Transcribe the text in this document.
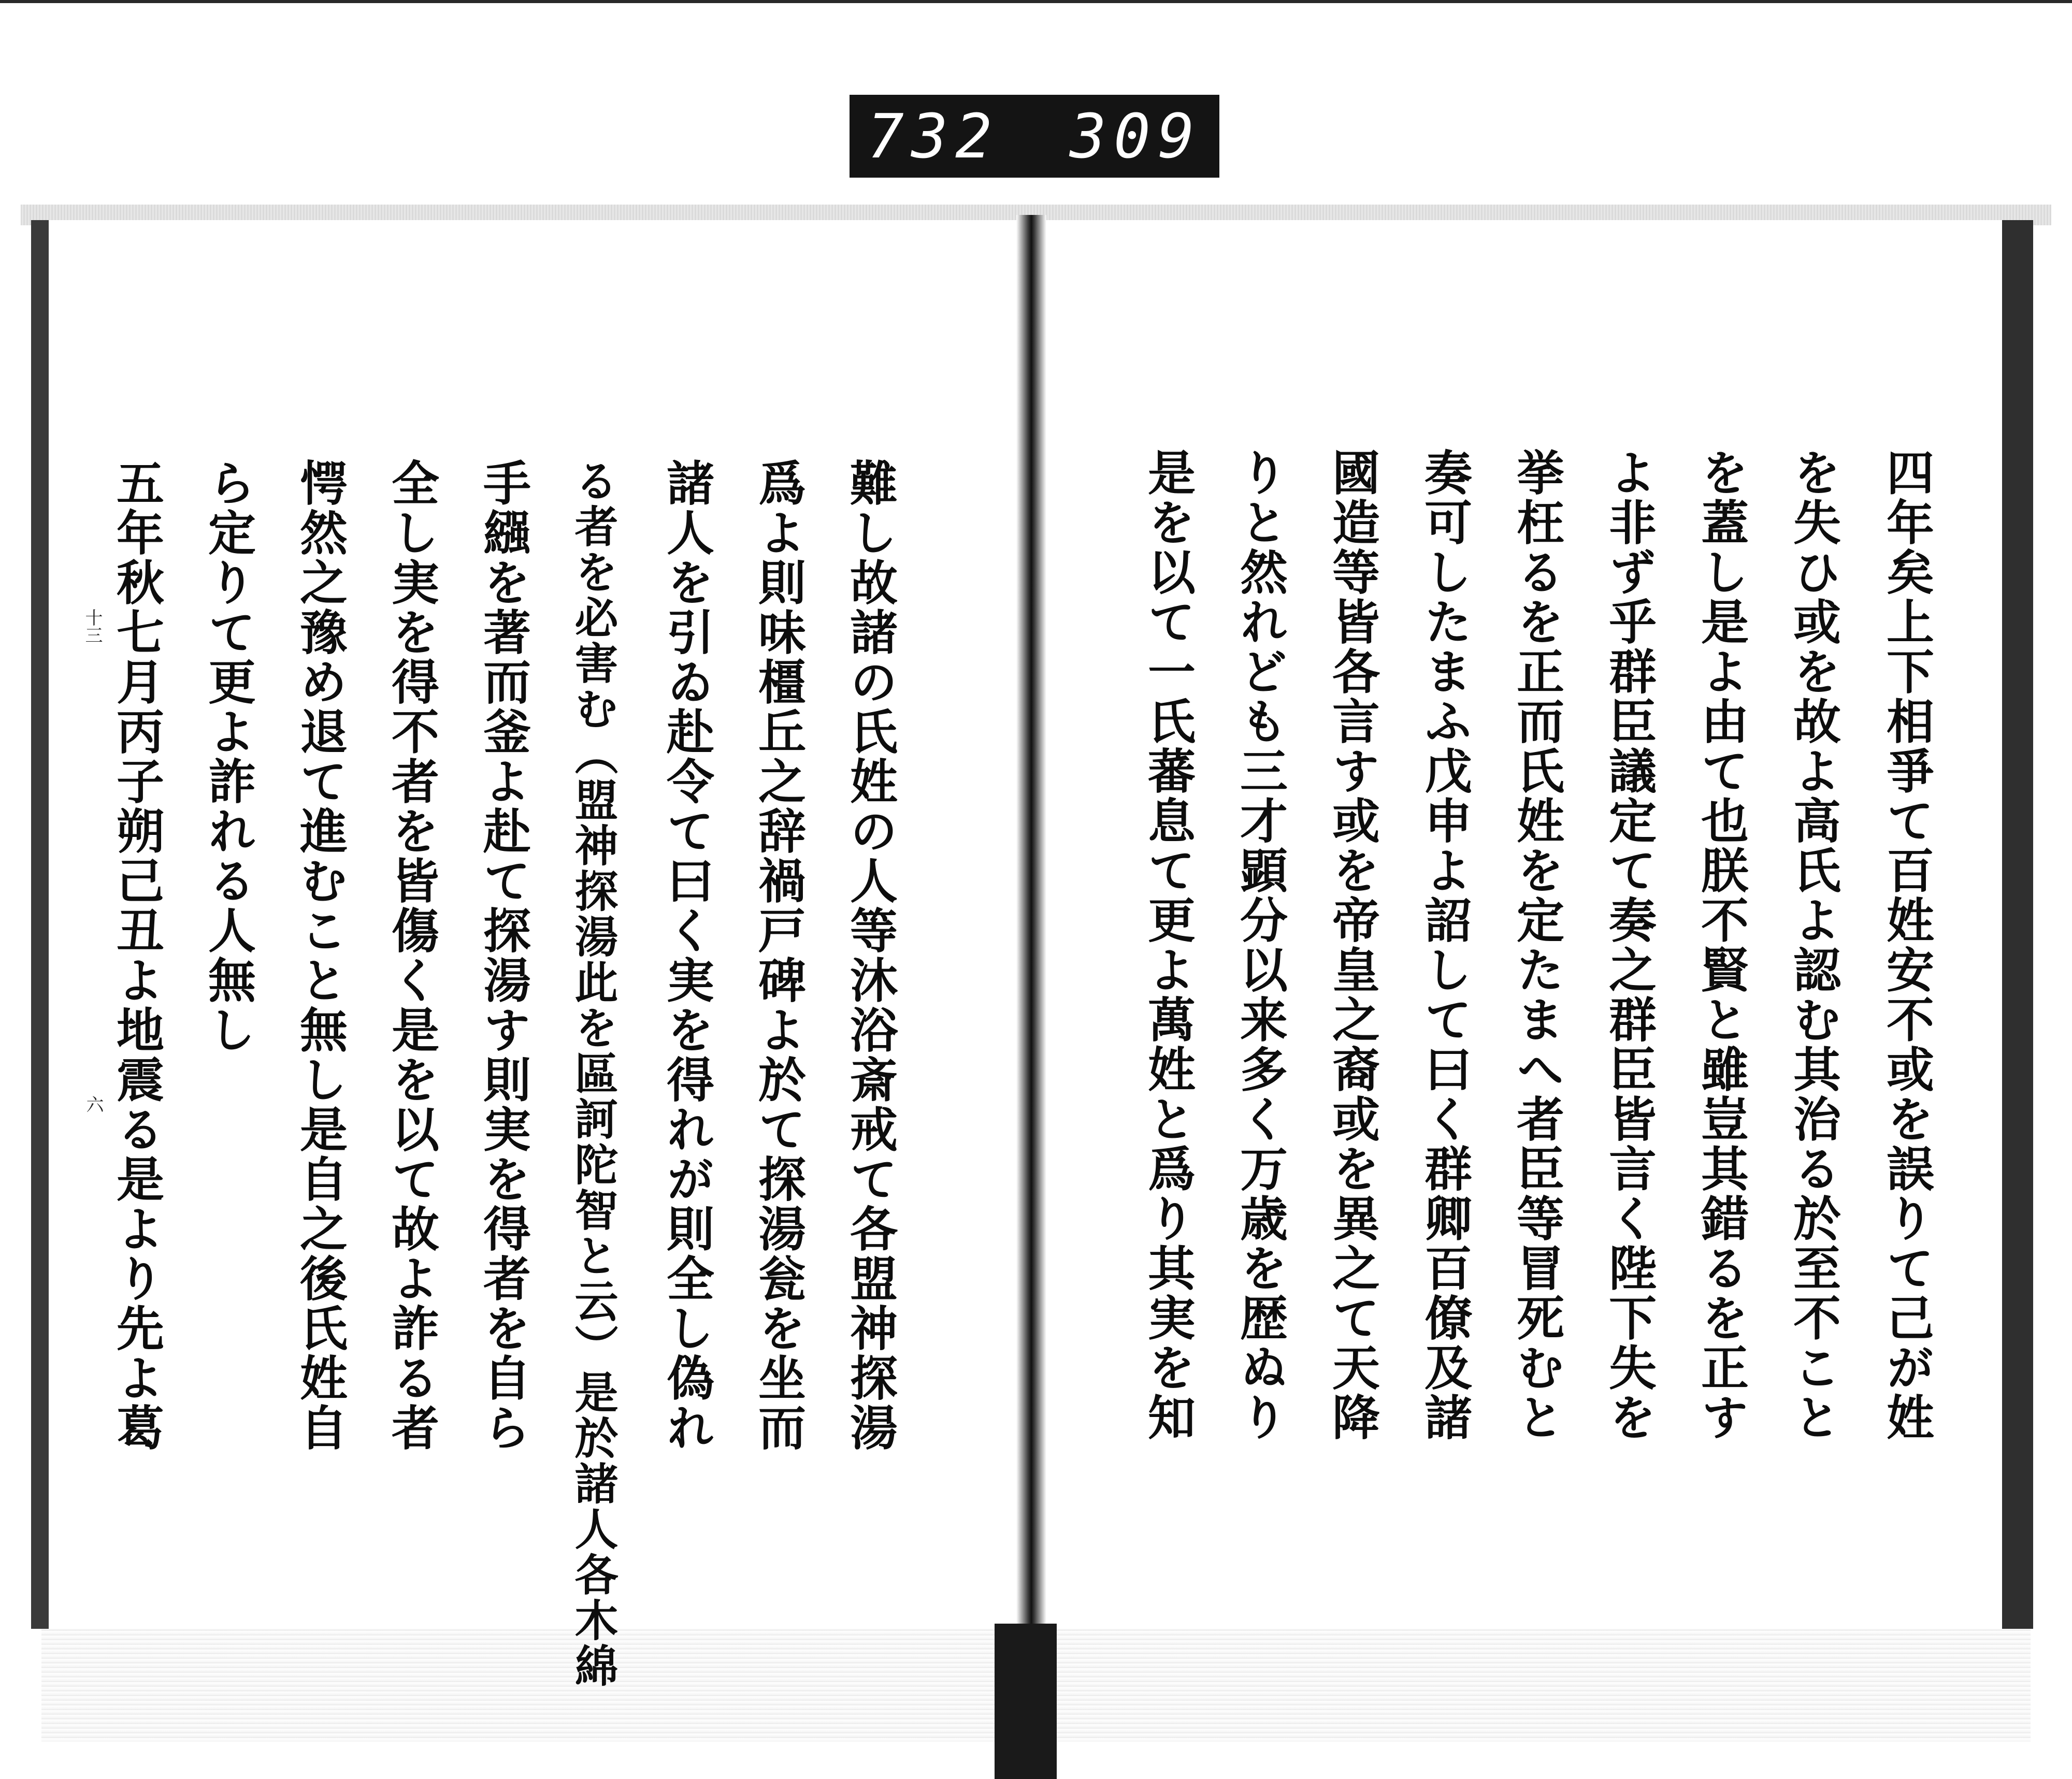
732 309
十三
六	難し故諸の氏姓の人等沐浴斎戒て各盟神探湯
爲よ則味橿丘之辞禍戸碑よ於て探湯瓮を坐而
諸人を引ゐ赴令て曰く実を得れが則全し偽れ
る者を必害む（盟神探湯此を區訶陀智と云）是於諸人各木綿
手繦を著而釜よ赴て探湯す則実を得者を自ら
全し実を得不者を皆傷く是を以て故よ詐る者
愕然之豫め退て進むこと無し是自之後氏姓自
ら定りて更よ詐れる人無し
五年秋七月丙子朔己丑よ地震る是より先よ葛	四年矣上下相爭て百姓安不或を誤りて己が姓
を失ひ或を故よ高氏よ認む其治る於至不こと
を蓋し是よ由て也朕不賢と雖豈其錯るを正す
よ非ず乎群臣議定て奏之群臣皆言く陛下失を
挙枉るを正而氏姓を定たまへ者臣等冒死むと
奏可したまふ戊申よ詔して曰く群卿百僚及諸
國造等皆各言す或を帝皇之裔或を異之て天降
りと然れども三才顕分以来多く万歳を歴ぬり
是を以て一氏蕃息て更よ萬姓と爲り其実を知
